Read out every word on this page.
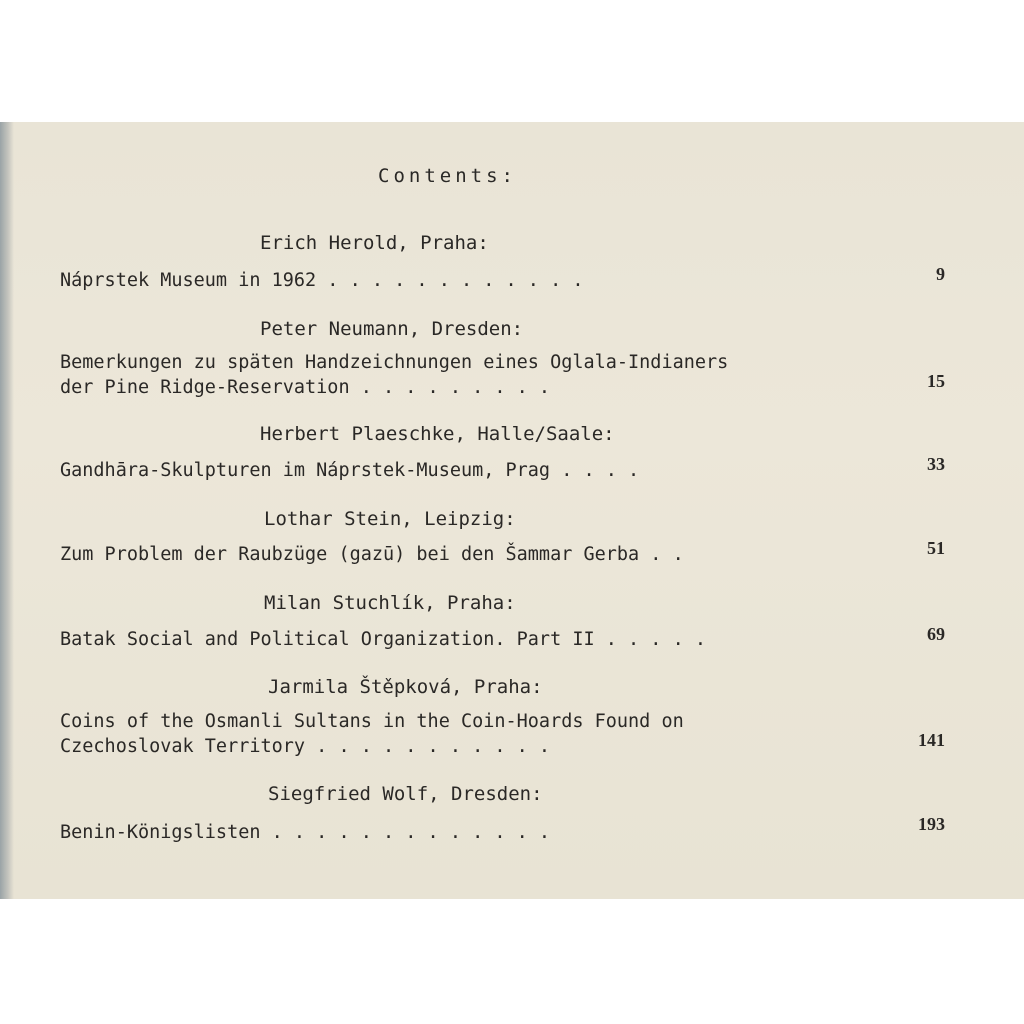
Contents:
Erich Herold, Praha:
Náprstek Museum in 1962 . . . . . . . . . . . .	9
Peter Neumann, Dresden:
Bemerkungen zu späten Handzeichnungen eines Oglala-Indianers
der Pine Ridge-Reservation . . . . . . . . .	15
Herbert Plaeschke, Halle/Saale:
Gandhāra-Skulpturen im Náprstek-Museum, Prag . . . .	33
Lothar Stein, Leipzig:
Zum Problem der Raubzüge (gazū) bei den Šammar Gerba . .	51
Milan Stuchlík, Praha:
Batak Social and Political Organization. Part II . . . . .	69
Jarmila Štěpková, Praha:
Coins of the Osmanli Sultans in the Coin-Hoards Found on
Czechoslovak Territory . . . . . . . . . . .	141
Siegfried Wolf, Dresden:
Benin-Königslisten . . . . . . . . . . . . .	193
